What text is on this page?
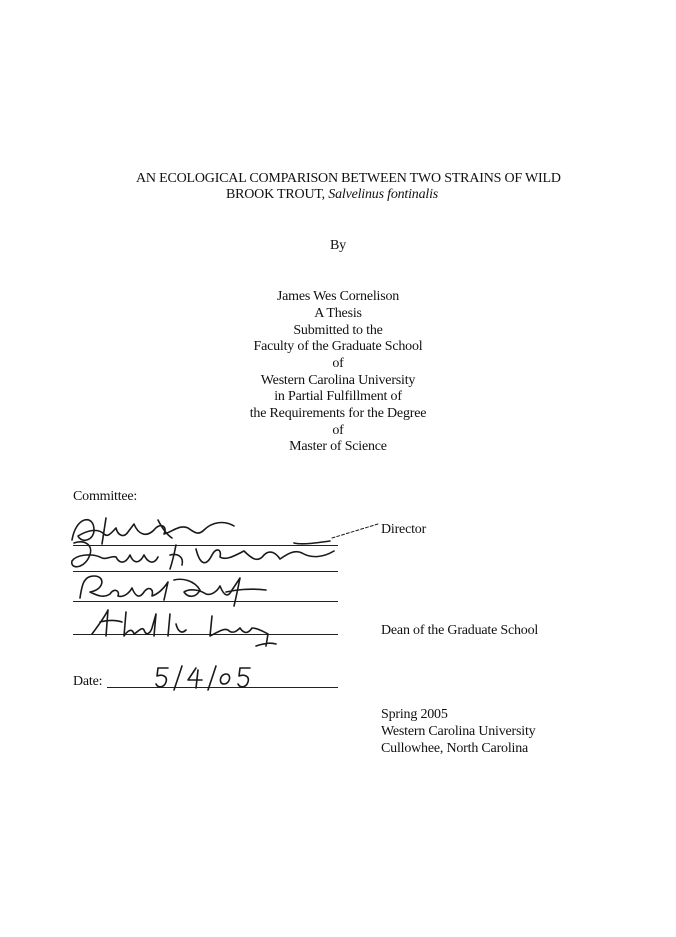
AN ECOLOGICAL COMPARISON BETWEEN TWO STRAINS OF WILD
BROOK TROUT, Salvelinus fontinalis
By
James Wes Cornelison
A Thesis
Submitted to the
Faculty of the Graduate School
of
Western Carolina University
in Partial Fulfillment of
the Requirements for the Degree
of
Master of Science
Committee:
Director
Dean of the Graduate School
Date:
Spring 2005
Western Carolina University
Cullowhee, North Carolina
